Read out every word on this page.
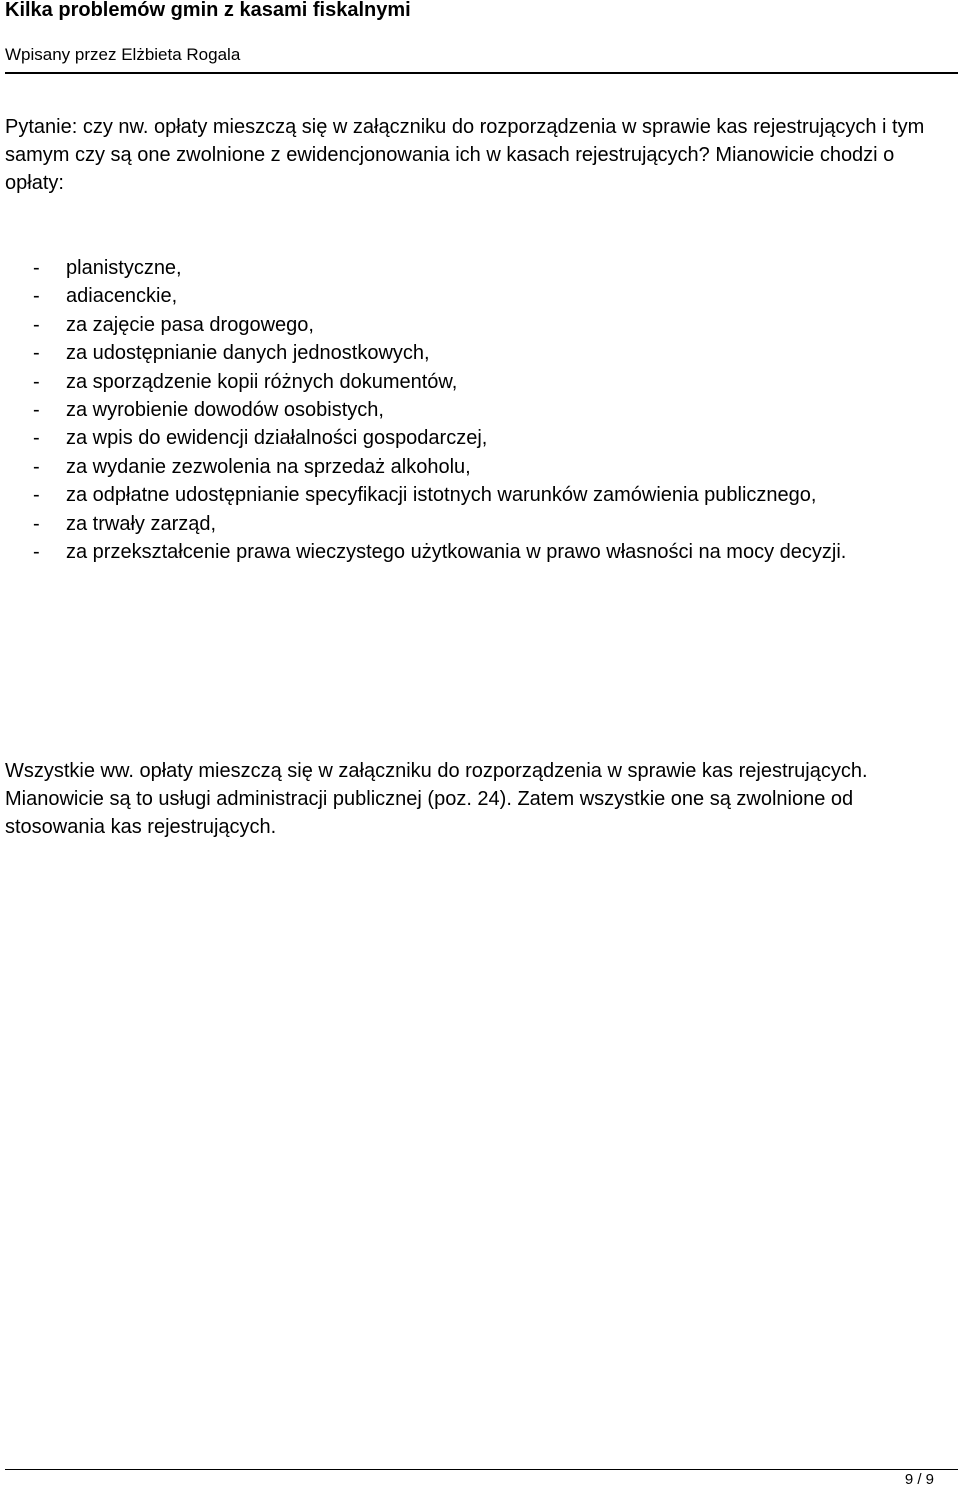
Kilka problemów gmin z kasami fiskalnymi
Wpisany przez Elżbieta Rogala

Pytanie: czy nw. opłaty mieszczą się w załączniku do rozporządzenia w sprawie kas rejestrujących i tym samym czy są one zwolnione z ewidencjonowania ich w kasach rejestrujących? Mianowicie chodzi o opłaty:

- planistyczne,
- adiacenckie,
- za zajęcie pasa drogowego,
- za udostępnianie danych jednostkowych,
- za sporządzenie kopii różnych dokumentów,
- za wyrobienie dowodów osobistych,
- za wpis do ewidencji działalności gospodarczej,
- za wydanie zezwolenia na sprzedaż alkoholu,
- za odpłatne udostępnianie specyfikacji istotnych warunków zamówienia publicznego,
- za trwały zarząd,
- za przekształcenie prawa wieczystego użytkowania w prawo własności na mocy decyzji.

Wszystkie ww. opłaty mieszczą się w załączniku do rozporządzenia w sprawie kas rejestrujących. Mianowicie są to usługi administracji publicznej (poz. 24). Zatem wszystkie one są zwolnione od stosowania kas rejestrujących.

9 / 9
